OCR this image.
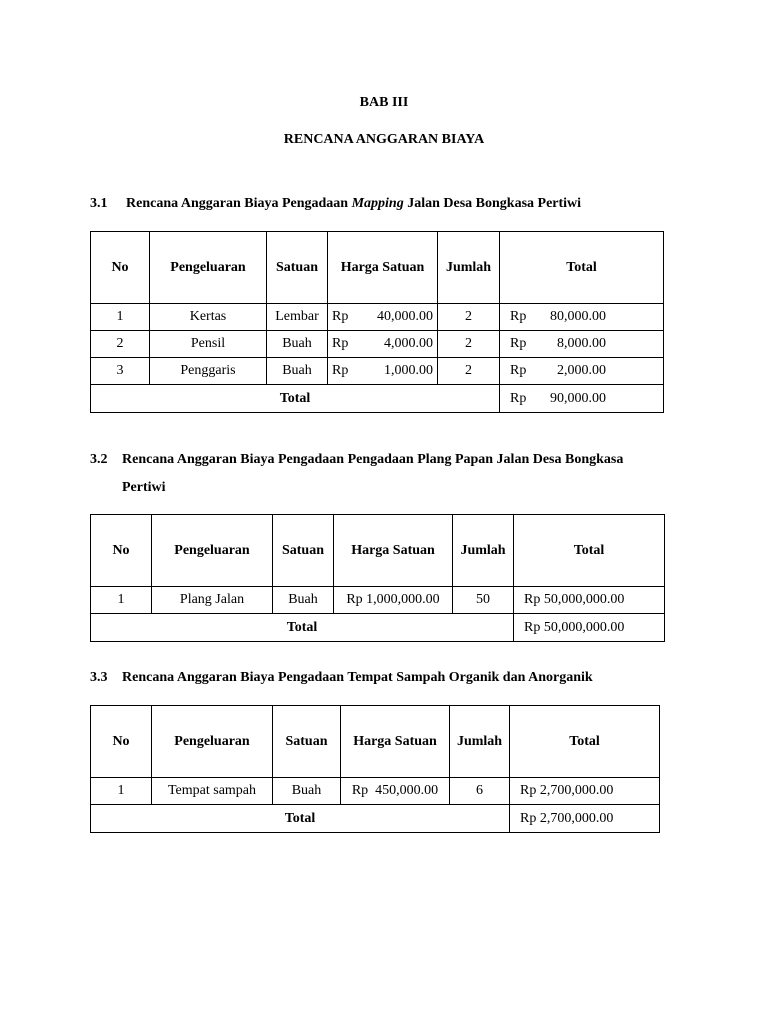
BAB III
RENCANA ANGGARAN BIAYA
3.1 Rencana Anggaran Biaya Pengadaan Mapping Jalan Desa Bongkasa Pertiwi
No	Pengeluaran	Satuan	Harga Satuan	Jumlah	Total
1	Kertas	Lembar	Rp 40,000.00	2	Rp 80,000.00

2	Pensil	Buah	Rp 4,000.00	2	Rp 8,000.00

3	Penggaris	Buah	Rp 1,000.00	2	Rp 2,000.00

Total					Rp 90,000.00
3.2 Rencana Anggaran Biaya Pengadaan Pengadaan Plang Papan Jalan Desa Bongkasa
Pertiwi
No	Pengeluaran	Satuan	Harga Satuan	Jumlah	Total
1	Plang Jalan	Buah	Rp 1,000,000.00	50	Rp 50,000,000.00
Total					Rp 50,000,000.00
3.3 Rencana Anggaran Biaya Pengadaan Tempat Sampah Organik dan Anorganik
No	Pengeluaran	Satuan	Harga Satuan	Jumlah	Total
1	Tempat sampah	Buah	Rp  450,000.00	6	Rp 2,700,000.00
Total					Rp 2,700,000.00
